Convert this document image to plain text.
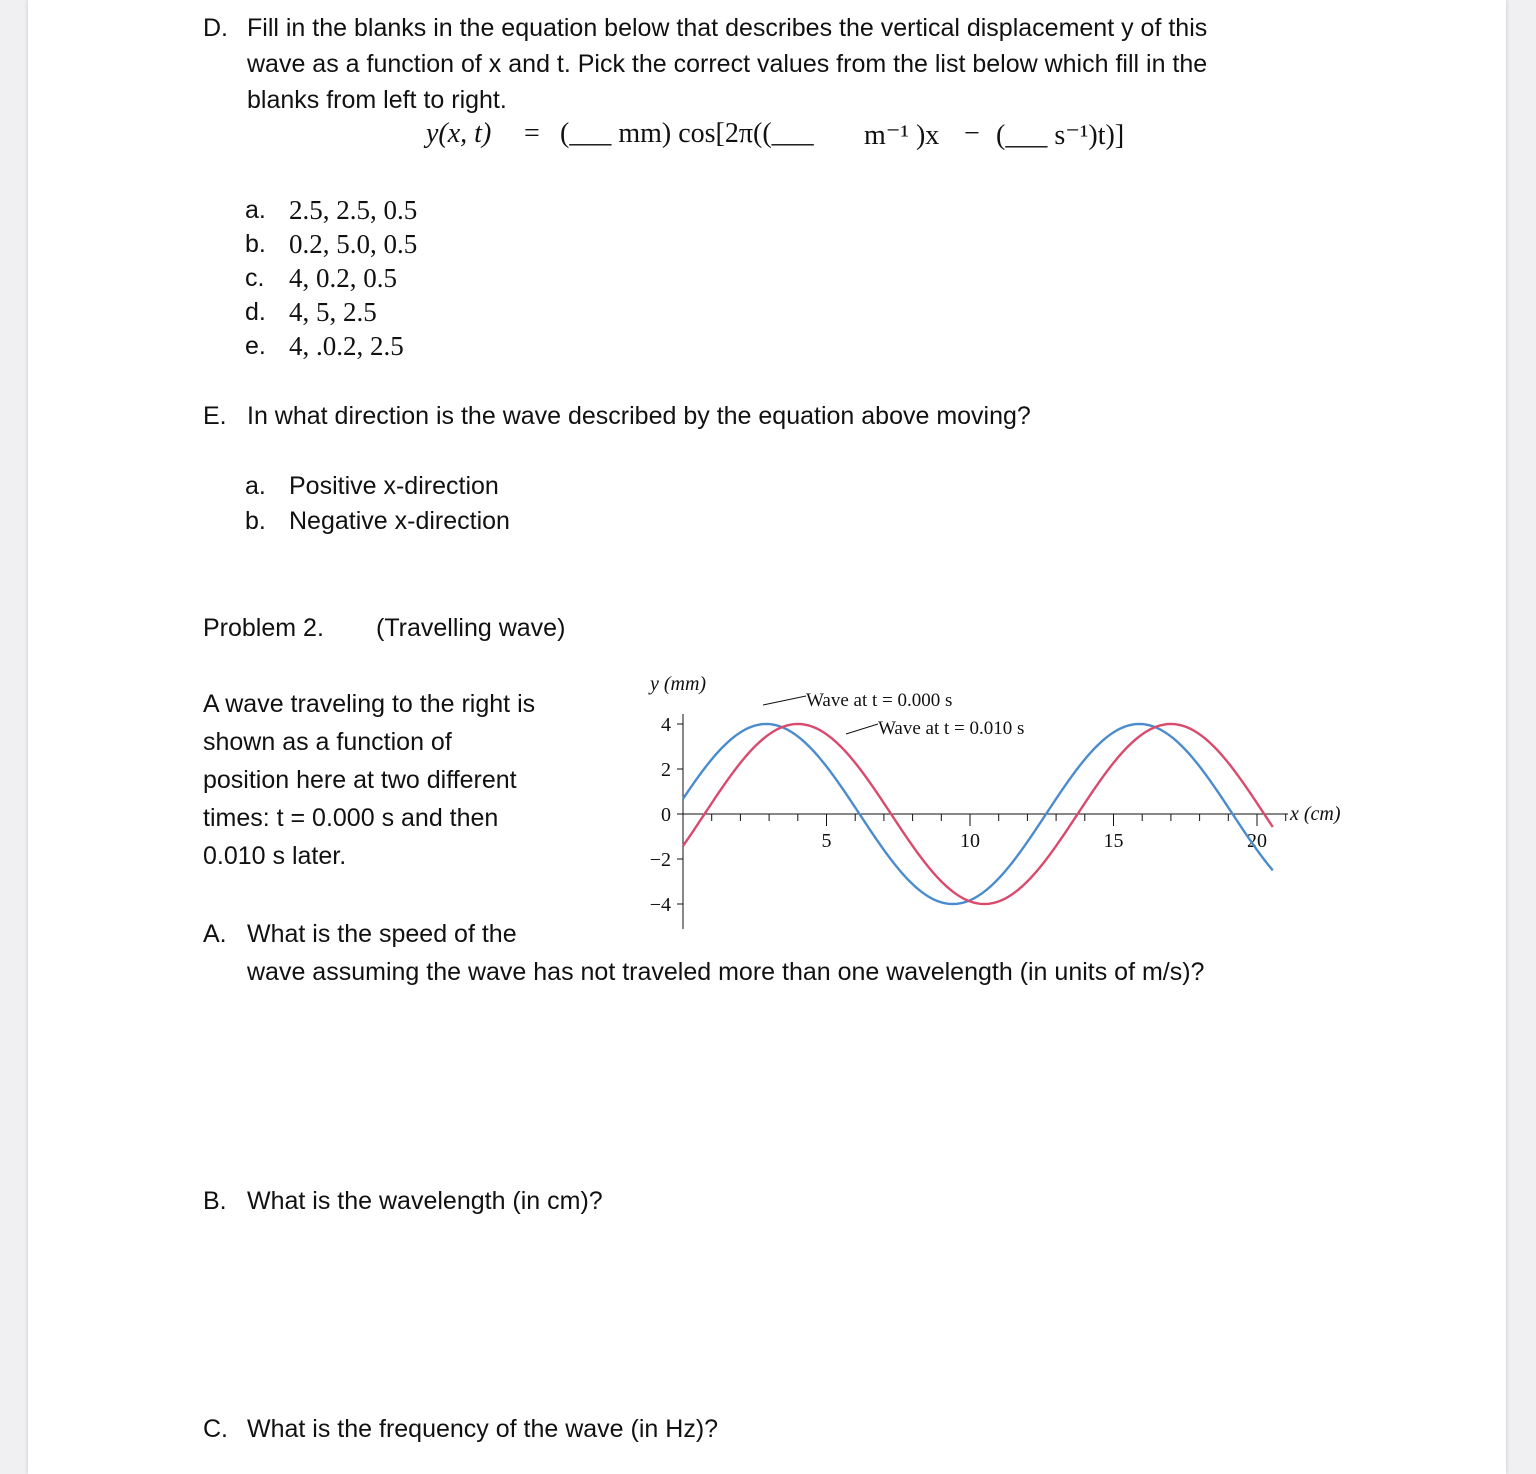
D. Fill in the blanks in the equation below that describes the vertical displacement y of this
wave as a function of x and t. Pick the correct values from the list below which fill in the
blanks from left to right.
y(x, t) = (___ mm) cos[2π((___ m⁻¹ )x − (___ s⁻¹)t)]
a. 2.5, 2.5, 0.5
b. 0.2, 5.0, 0.5
c. 4, 0.2, 0.5
d. 4, 5, 2.5
e. 4, .0.2, 2.5
E. In what direction is the wave described by the equation above moving?
a. Positive x-direction
b. Negative x-direction
Problem 2. (Travelling wave)
A wave traveling to the right is
shown as a function of
position here at two different
times: t = 0.000 s and then
0.010 s later.
5	10	15	20
4
2
0
−2
−4
Wave at t = 0.000 s
Wave at t = 0.010 s
y (mm)
x (cm)
A. What is the speed of the
wave assuming the wave has not traveled more than one wavelength (in units of m/s)?
B. What is the wavelength (in cm)?
C. What is the frequency of the wave (in Hz)?
